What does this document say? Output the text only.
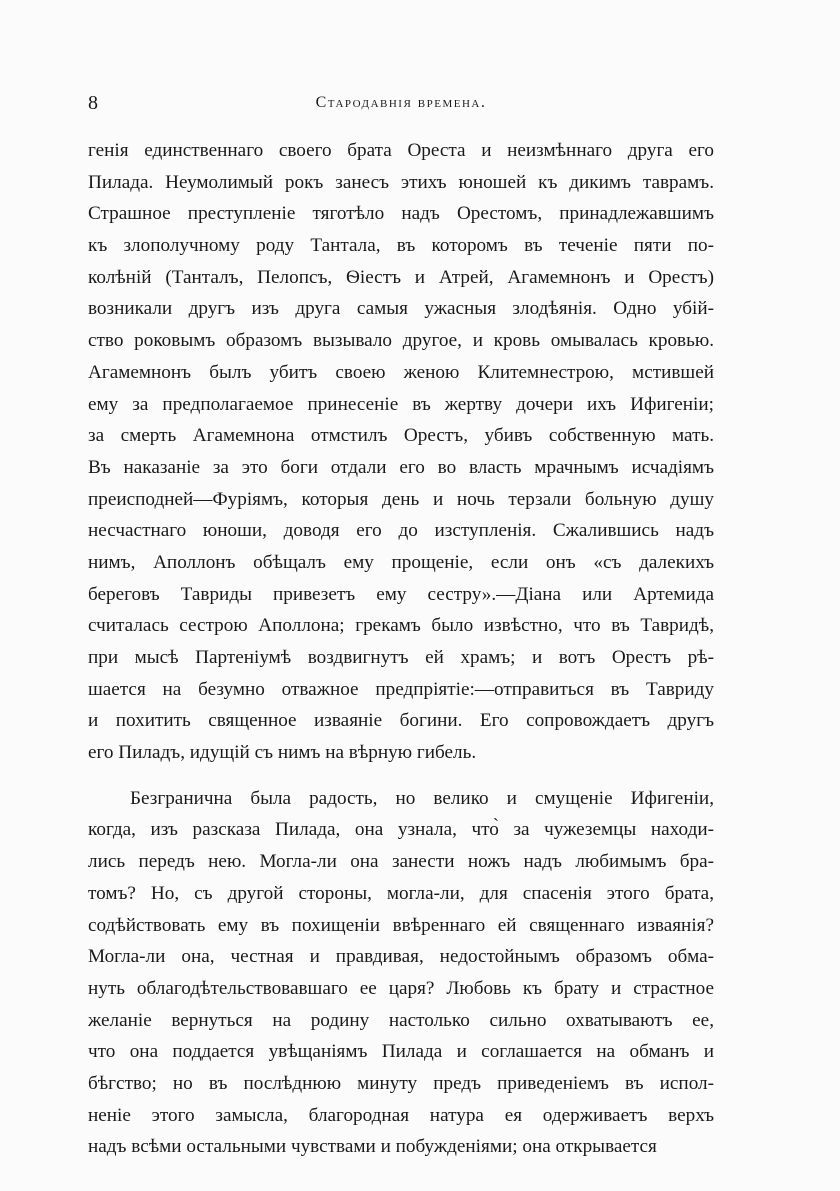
8	Стародавнія времена.
генія единственнаго своего брата Ореста и неизмѣннаго друга его
Пилада. Неумолимый рокъ занесъ этихъ юношей къ дикимъ таврамъ.
Страшное преступленіе тяготѣло надъ Орестомъ, принадлежавшимъ
къ злополучному роду Тантала, въ которомъ въ теченіе пяти по-
колѣній (Танталъ, Пелопсъ, Ѳіестъ и Атрей, Агамемнонъ и Орестъ)
возникали другъ изъ друга самыя ужасныя злодѣянія. Одно убій-
ство роковымъ образомъ вызывало другое, и кровь омывалась кровью.
Агамемнонъ былъ убитъ своею женою Клитемнестрою, мстившей
ему за предполагаемое принесеніе въ жертву дочери ихъ Ифигеніи;
за смерть Агамемнона отмстилъ Орестъ, убивъ собственную мать.
Въ наказаніе за это боги отдали его во власть мрачнымъ исчадіямъ
преисподней—Фуріямъ, которыя день и ночь терзали больную душу
несчастнаго юноши, доводя его до изступленія. Сжалившись надъ
нимъ, Аполлонъ обѣщалъ ему прощеніе, если онъ «съ далекихъ
береговъ Тавриды привезетъ ему сестру».—Діана или Артемида
считалась сестрою Аполлона; грекамъ было извѣстно, что въ Тавридѣ,
при мысѣ Партеніумѣ воздвигнутъ ей храмъ; и вотъ Орестъ рѣ-
шается на безумно отважное предпріятіе:—отправиться въ Тавриду
и похитить священное изваяніе богини. Его сопровождаетъ другъ
его Пиладъ, идущій съ нимъ на вѣрную гибель.
Безгранична была радость, но велико и смущеніе Ифигеніи,
когда, изъ разсказа Пилада, она узнала, что̀ за чужеземцы находи-
лись передъ нею. Могла-ли она занести ножъ надъ любимымъ бра-
томъ? Но, съ другой стороны, могла-ли, для спасенія этого брата,
содѣйствовать ему въ похищеніи ввѣреннаго ей священнаго изваянія?
Могла-ли она, честная и правдивая, недостойнымъ образомъ обма-
нуть облагодѣтельствовавшаго ее царя? Любовь къ брату и страстное
желаніе вернуться на родину настолько сильно охватываютъ ее,
что она поддается увѣщаніямъ Пилада и соглашается на обманъ и
бѣгство; но въ послѣднюю минуту предъ приведеніемъ въ испол-
неніе этого замысла, благородная натура ея одерживаетъ верхъ
надъ всѣми остальными чувствами и побужденіями; она открывается
